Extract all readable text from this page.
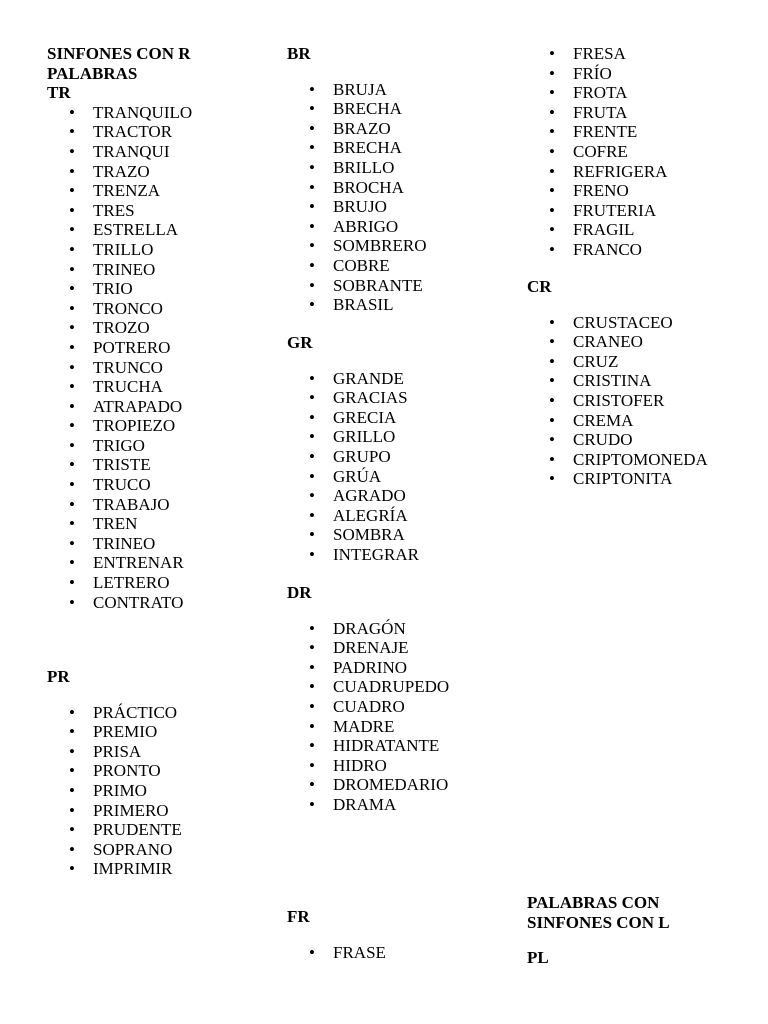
SINFONES CON R

PALABRAS

TR

• TRANQUILO
• TRACTOR
• TRANQUI
• TRAZO
• TRENZA
• TRES
• ESTRELLA
• TRILLO
• TRINEO
• TRIO
• TRONCO
• TROZO
• POTRERO
• TRUNCO
• TRUCHA
• ATRAPADO
• TROPIEZO
• TRIGO
• TRISTE
• TRUCO
• TRABAJO
• TREN
• TRINEO
• ENTRENAR
• LETRERO
• CONTRATO

PR

• PRÁCTICO
• PREMIO
• PRISA
• PRONTO
• PRIMO
• PRIMERO
• PRUDENTE
• SOPRANO
• IMPRIMIR

BR

• BRUJA
• BRECHA
• BRAZO
• BRECHA
• BRILLO
• BROCHA
• BRUJO
• ABRIGO
• SOMBRERO
• COBRE
• SOBRANTE
• BRASIL

GR

• GRANDE
• GRACIAS
• GRECIA
• GRILLO
• GRUPO
• GRÚA
• AGRADO
• ALEGRÍA
• SOMBRA
• INTEGRAR

DR

• DRAGÓN
• DRENAJE
• PADRINO
• CUADRUPEDO
• CUADRO
• MADRE
• HIDRATANTE
• HIDRO
• DROMEDARIO
• DRAMA

FR

• FRASE
• FRESA
• FRÍO
• FROTA
• FRUTA
• FRENTE
• COFRE
• REFRIGERA
• FRENO
• FRUTERIA
• FRAGIL
• FRANCO

CR

• CRUSTACEO
• CRANEO
• CRUZ
• CRISTINA
• CRISTOFER
• CREMA
• CRUDO
• CRIPTOMONEDA
• CRIPTONITA

PALABRAS CON

SINFONES CON L

PL
